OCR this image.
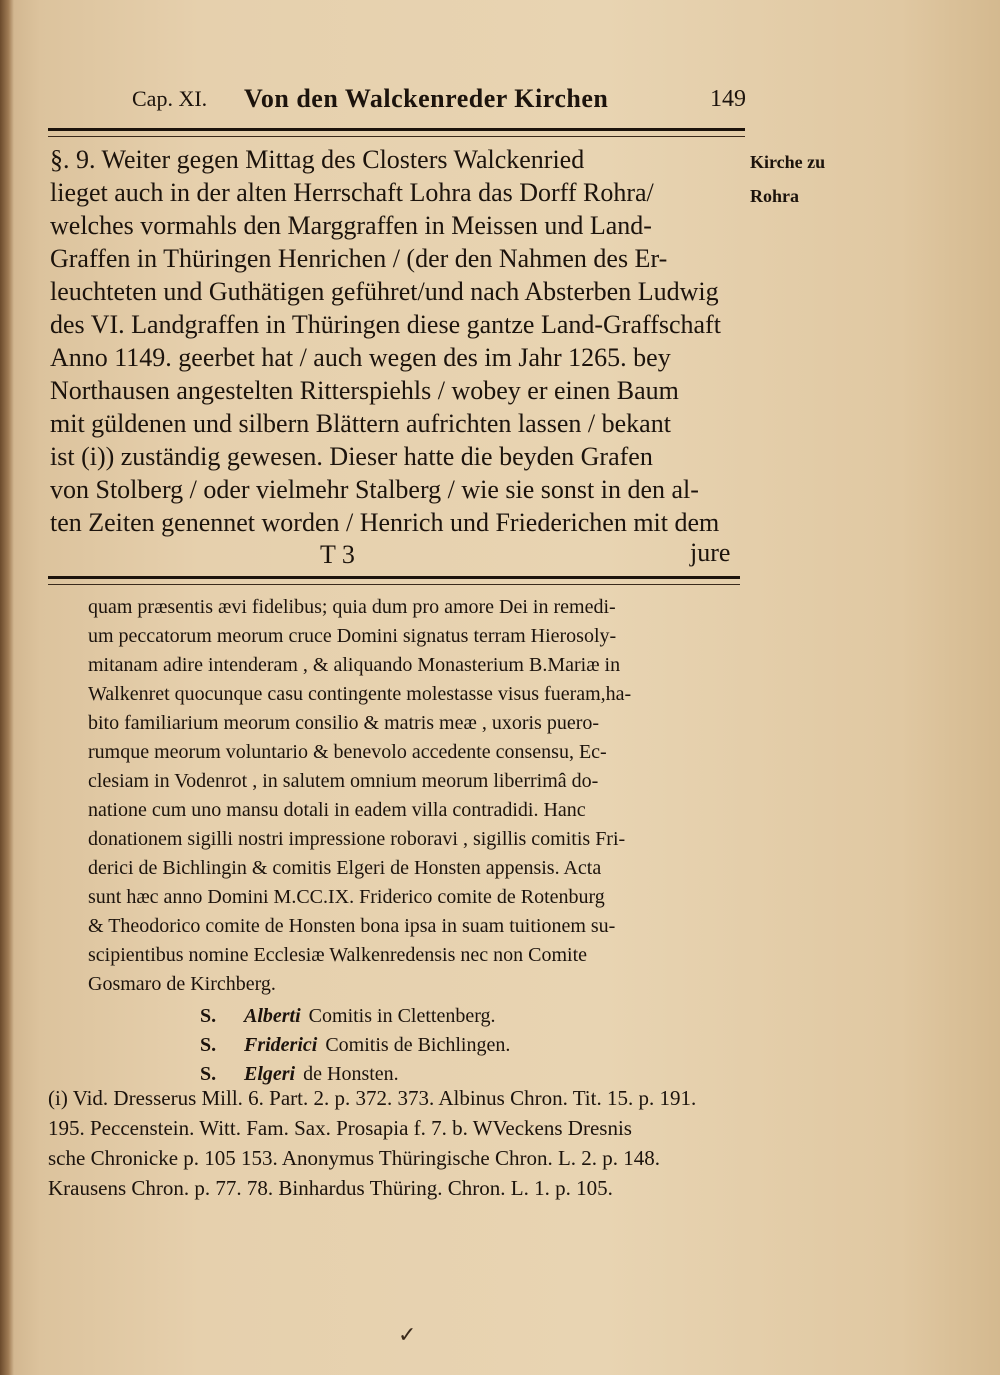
Cap. XI. Von den Walckenreder Kirchen	149
§. 9. Weiter gegen Mittag des Closters Walckenried
lieget auch in der alten Herrschaft Lohra das Dorff Rohra/
welches vormahls den Marggraffen in Meissen und Land-
Graffen in Thüringen Henrichen / (der den Nahmen des Er-
leuchteten und Guthätigen geführet/und nach Absterben Ludwig
des VI. Landgraffen in Thüringen diese gantze Land-Graffschaft
Anno 1149. geerbet hat / auch wegen des im Jahr 1265. bey
Northausen angestelten Ritterspiehls / wobey er einen Baum
mit güldenen und silbern Blättern aufrichten lassen / bekant
ist (i)) zuständig gewesen. Dieser hatte die beyden Grafen
von Stolberg / oder vielmehr Stalberg / wie sie sonst in den al-
ten Zeiten genennet worden / Henrich und Friederichen mit dem
Kirche zu
Rohra
T 3	jure
quam præsentis ævi fidelibus; quia dum pro amore Dei in remedi-
um peccatorum meorum cruce Domini signatus terram Hierosoly-
mitanam adire intenderam , & aliquando Monasterium B.Mariæ in
Walkenret quocunque casu contingente molestasse visus fueram,ha-
bito familiarium meorum consilio & matris meæ , uxoris puero-
rumque meorum voluntario & benevolo accedente consensu, Ec-
clesiam in Vodenrot , in salutem omnium meorum liberrimâ do-
natione cum uno mansu dotali in eadem villa contradidi. Hanc
donationem sigilli nostri impressione roboravi , sigillis comitis Fri-
derici de Bichlingin & comitis Elgeri de Honsten appensis. Acta
sunt hæc anno Domini M.CC.IX. Friderico comite de Rotenburg
& Theodorico comite de Honsten bona ipsa in suam tuitionem su-
scipientibus nomine Ecclesiæ Walkenredensis nec non Comite
Gosmaro de Kirchberg.
S. Alberti Comitis in Clettenberg.
S. Friderici Comitis de Bichlingen.
S. Elgeri de Honsten.
(i) Vid. Dresserus Mill. 6. Part. 2. p. 372. 373. Albinus Chron. Tit. 15. p. 191.
195. Peccenstein. Witt. Fam. Sax. Prosapia f. 7. b. WVeckens Dresnis
sche Chronicke p. 105 153. Anonymus Thüringische Chron. L. 2. p. 148.
Krausens Chron. p. 77. 78. Binhardus Thüring. Chron. L. 1. p. 105.
✓
